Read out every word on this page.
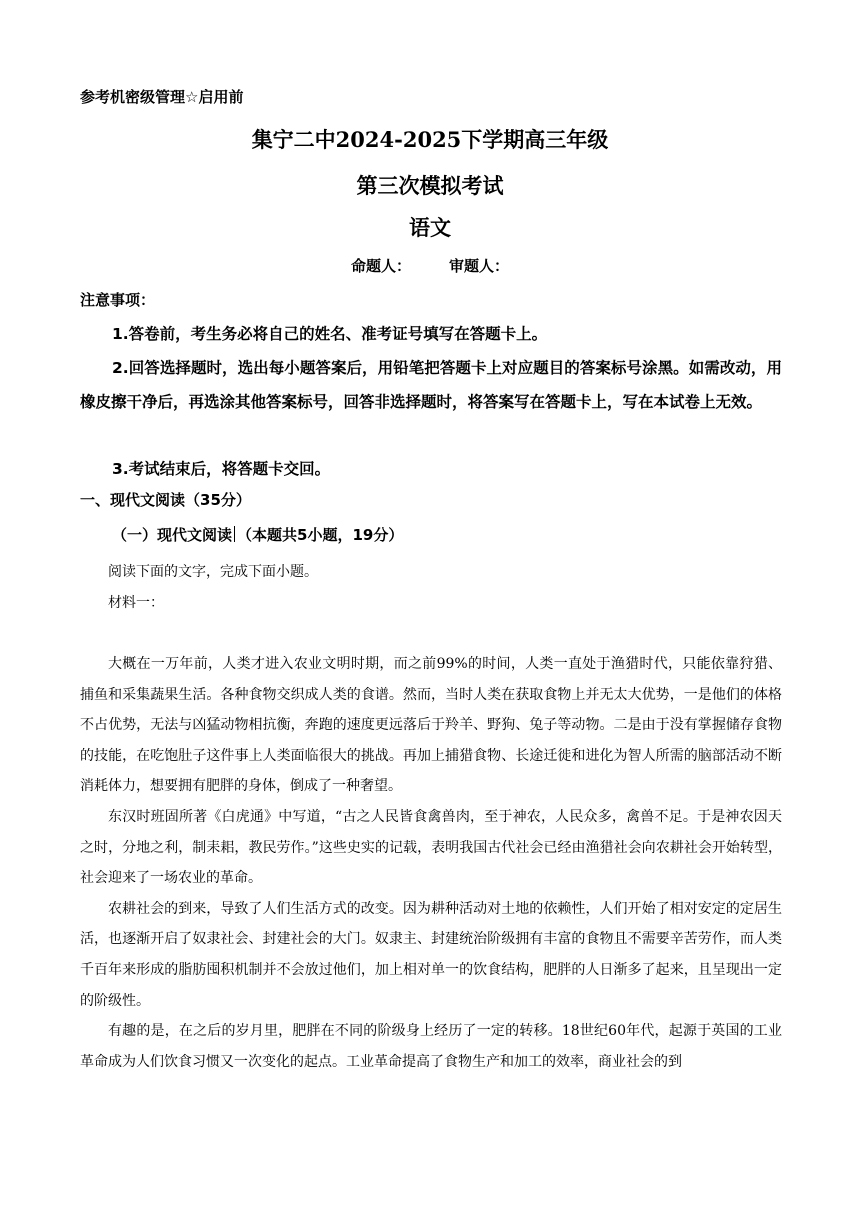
参考机密级管理☆启用前
集宁二中2024-2025下学期高三年级
第三次模拟考试
语文
命题人：	审题人：
注意事项：
1.答卷前，考生务必将自己的姓名、准考证号填写在答题卡上。
2.回答选择题时，选出每小题答案后，用铅笔把答题卡上对应题目的答案标号涂黑。如需改动，用橡皮擦干净后，再选涂其他答案标号，回答非选择题时，将答案写在答题卡上，写在本试卷上无效。
3.考试结束后，将答题卡交回。
一、现代文阅读（35分）
（一）现代文阅读 （本题共5小题，19分）

阅读下面的文字，完成下面小题。

材料一：

大概在一万年前，人类才进入农业文明时期，而之前99%的时间，人类一直处于渔猎时代，只能依靠狩猎、捕鱼和采集蔬果生活。各种食物交织成人类的食谱。然而，当时人类在获取食物上并无太大优势，一是他们的体格不占优势，无法与凶猛动物相抗衡，奔跑的速度更远落后于羚羊、野狗、兔子等动物。二是由于没有掌握储存食物的技能，在吃饱肚子这件事上人类面临很大的挑战。再加上捕猎食物、长途迁徙和进化为智人所需的脑部活动不断消耗体力，想要拥有肥胖的身体，倒成了一种奢望。

东汉时班固所著《白虎通》中写道，“古之人民皆食禽兽肉，至于神农，人民众多，禽兽不足。于是神农因天之时，分地之利，制耒耜，教民劳作。”这些史实的记载，表明我国古代社会已经由渔猎社会向农耕社会开始转型，社会迎来了一场农业的革命。

农耕社会的到来，导致了人们生活方式的改变。因为耕种活动对土地的依赖性，人们开始了相对安定的定居生活，也逐渐开启了奴隶社会、封建社会的大门。奴隶主、封建统治阶级拥有丰富的食物且不需要辛苦劳作，而人类千百年来形成的脂肪囤积机制并不会放过他们，加上相对单一的饮食结构，肥胖的人日渐多了起来，且呈现出一定的阶级性。

有趣的是，在之后的岁月里，肥胖在不同的阶级身上经历了一定的转移。18世纪60年代，起源于英国的工业革命成为人们饮食习惯又一次变化的起点。工业革命提高了食物生产和加工的效率，商业社会的到
